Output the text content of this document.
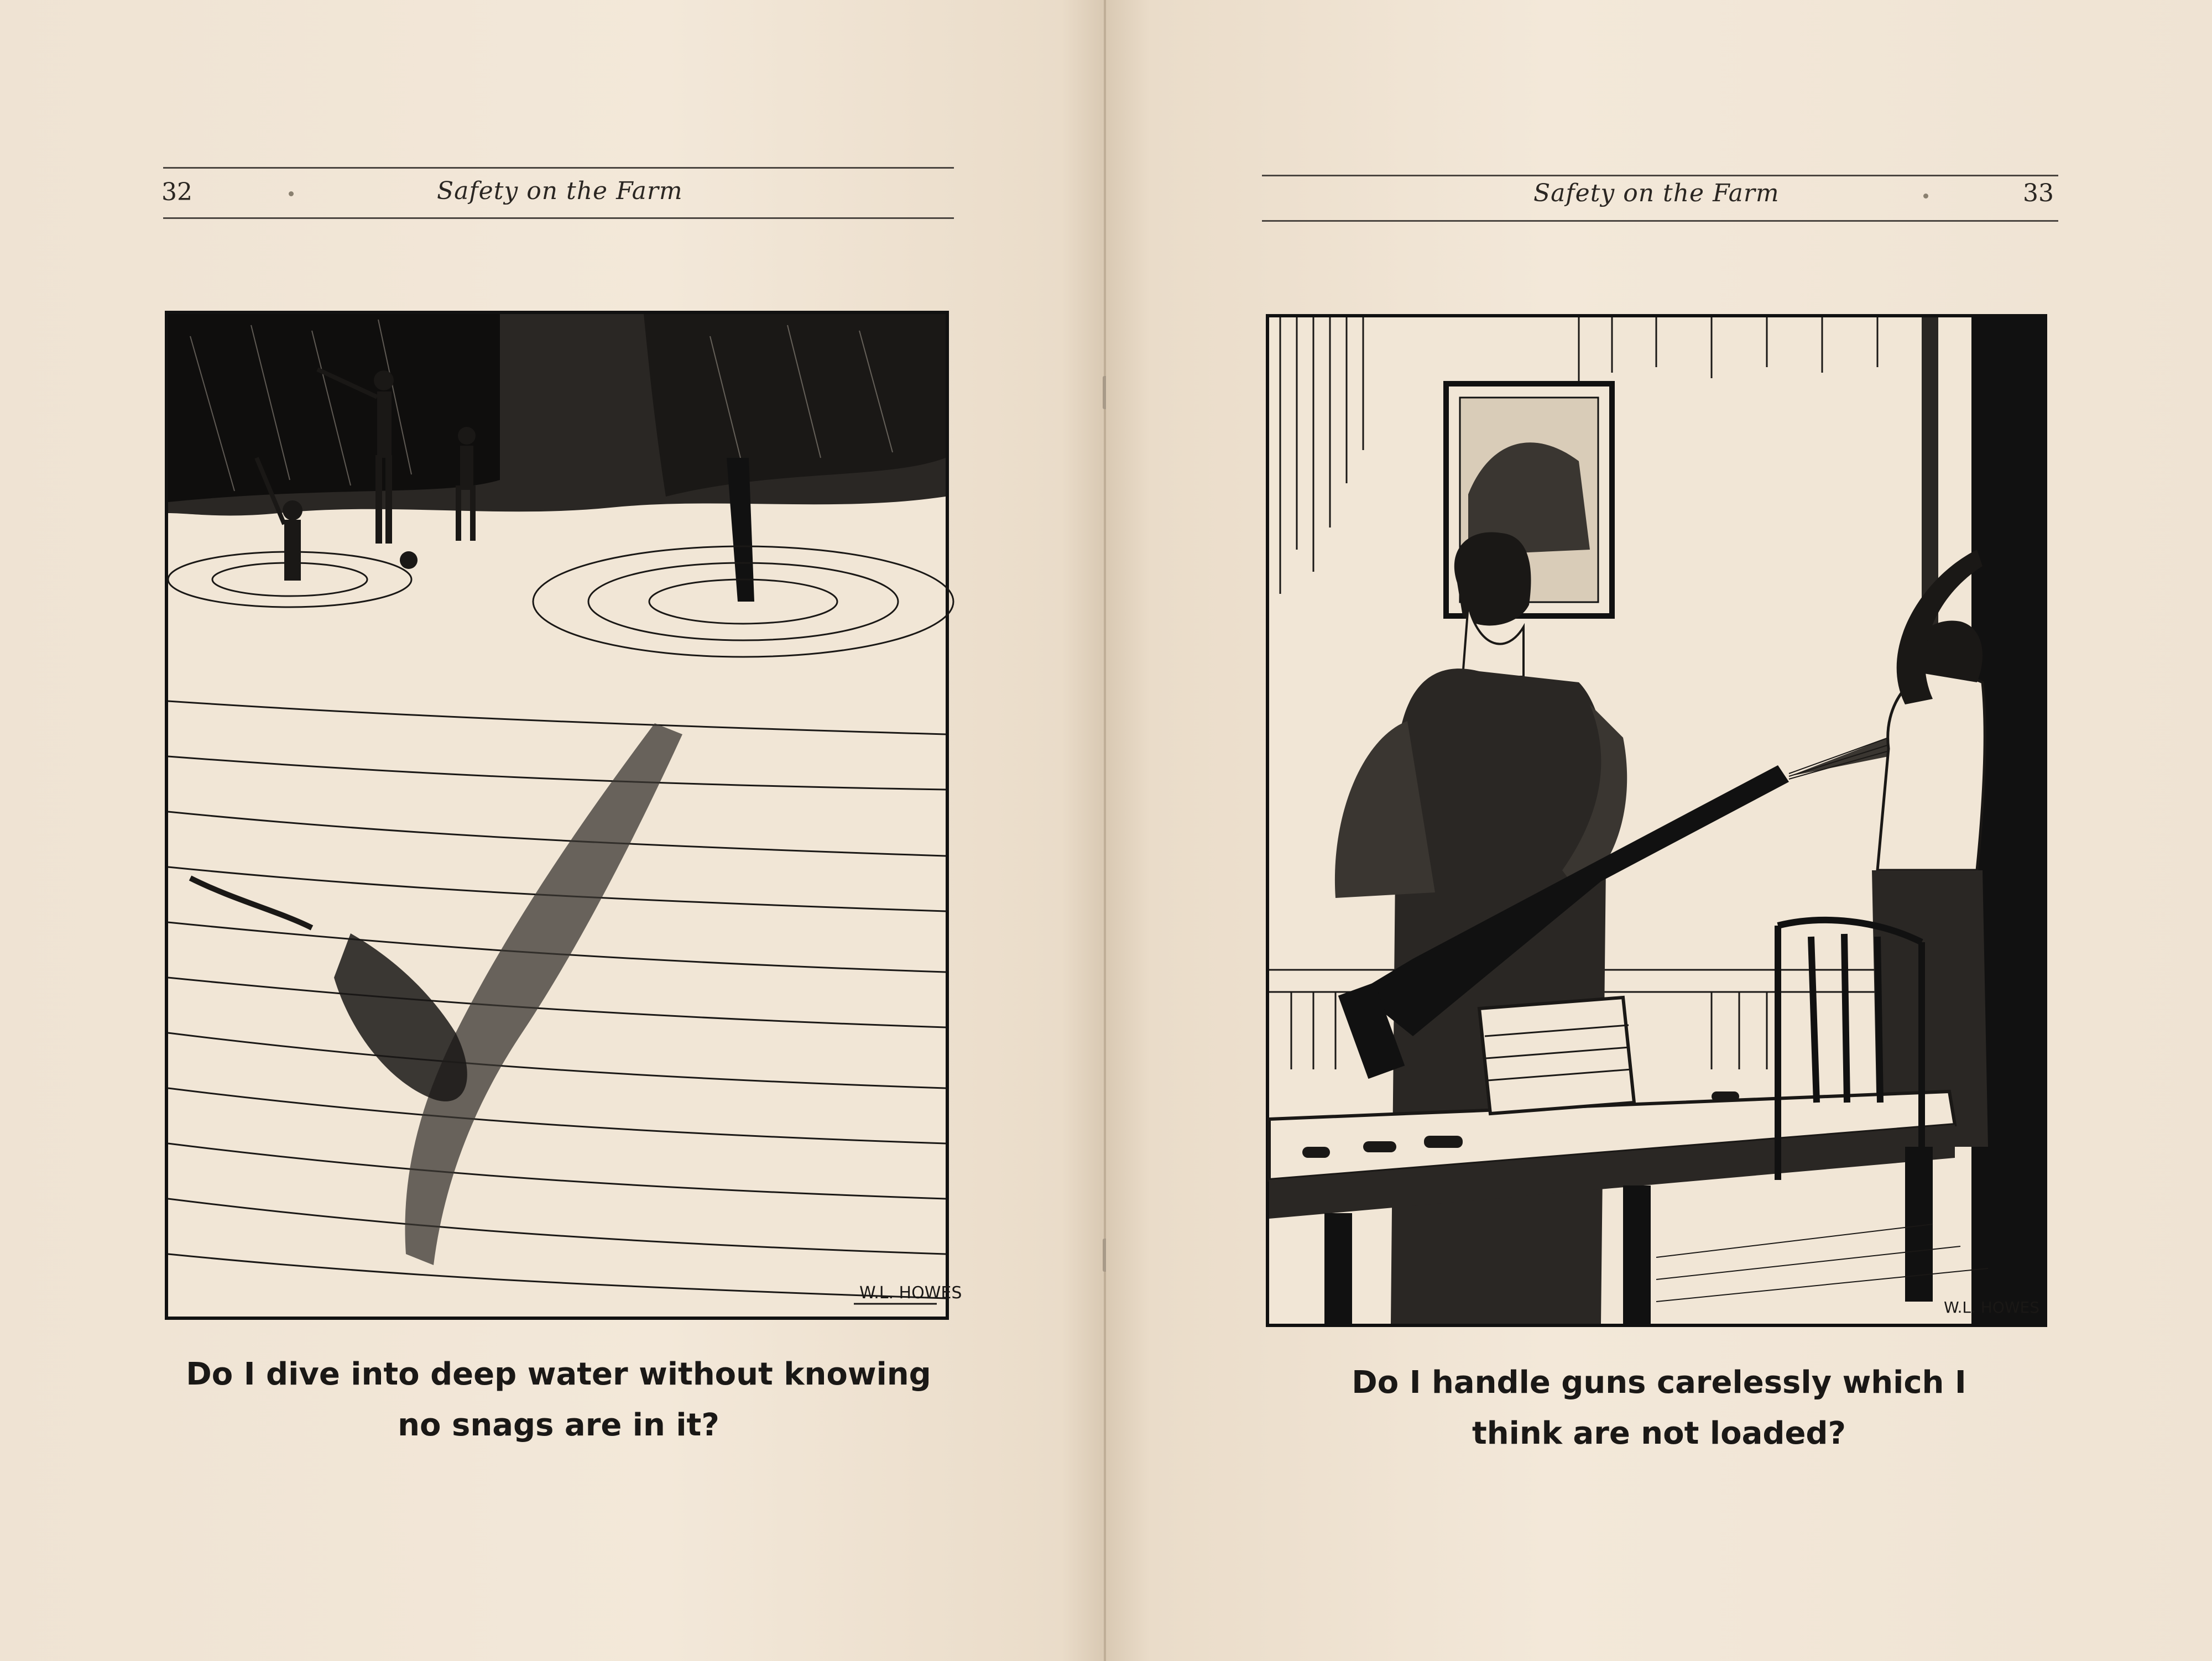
32	Safety on the Farm
W.L. HOWES
Do I dive into deep water without knowing
no snags are in it?
Safety on the Farm	33
W.L. HOWES
Do I handle guns carelessly which I
think are not loaded?
